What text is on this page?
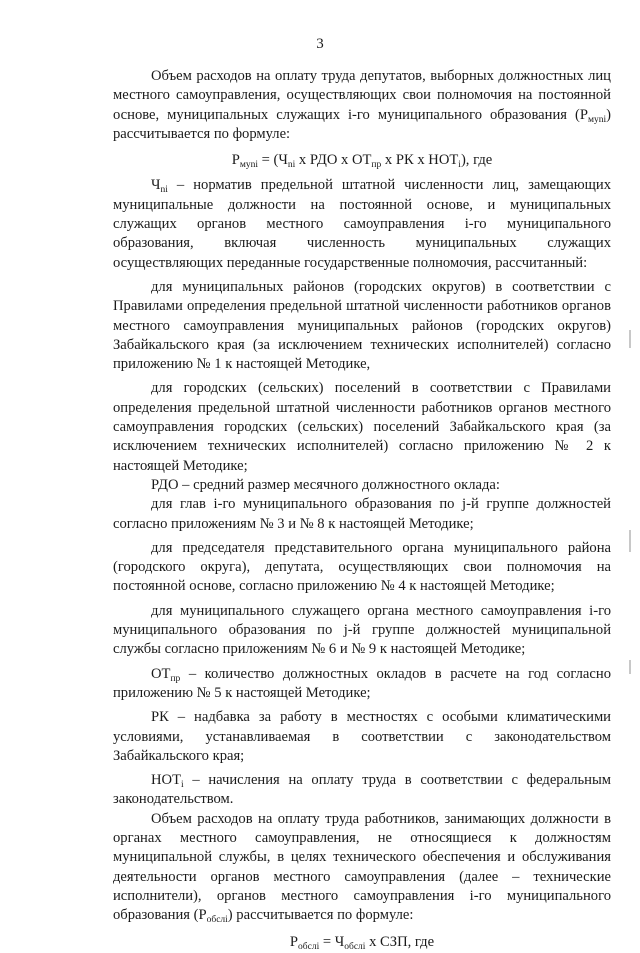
3

Объем расходов на оплату труда депутатов, выборных должностных лиц местного самоуправления, осуществляющих свои полномочия на постоянной основе, муниципальных служащих i-го муниципального образования $(Р_{муni})$ рассчитывается по формуле:

$Р_{муni} = (Ч_{ni}$ х РДО х $ОТ_{пр}$ х РК х $НОТ_i$), где

$Ч_{ni}$ – норматив предельной штатной численности лиц, замещающих муниципальные должности на постоянной основе, и муниципальных служащих органов местного самоуправления i-го муниципального образования, включая численность муниципальных служащих осуществляющих переданные государственные полномочия, рассчитанный:

для муниципальных районов (городских округов) в соответствии с Правилами определения предельной штатной численности работников органов местного самоуправления муниципальных районов (городских округов) Забайкальского края (за исключением технических исполнителей) согласно приложению № 1 к настоящей Методике,

для городских (сельских) поселений в соответствии с Правилами определения предельной штатной численности работников органов местного самоуправления городских (сельских) поселений Забайкальского края (за исключением технических исполнителей) согласно приложению № 2 к настоящей Методике;

РДО – средний размер месячного должностного оклада:

для глав i-го муниципального образования по j-й группе должностей согласно приложениям № 3 и № 8 к настоящей Методике;

для председателя представительного органа муниципального района (городского округа), депутата, осуществляющих свои полномочия на постоянной основе, согласно приложению № 4 к настоящей Методике;

для муниципального служащего органа местного самоуправления i-го муниципального образования по j-й группе должностей муниципальной службы согласно приложениям № 6 и № 9 к настоящей Методике;

$ОТ_{пр}$ – количество должностных окладов в расчете на год согласно приложению № 5 к настоящей Методике;

РК – надбавка за работу в местностях с особыми климатическими условиями, устанавливаемая в соответствии с законодательством Забайкальского края;

$НОТ_i$ – начисления на оплату труда в соответствии с федеральным законодательством.

Объем расходов на оплату труда работников, занимающих должности в органах местного самоуправления, не относящиеся к должностям муниципальной службы, в целях технического обеспечения и обслуживания деятельности органов местного самоуправления (далее – технические исполнители), органов местного самоуправления i-го муниципального образования $(Р_{обслi})$ рассчитывается по формуле:

$Р_{обслi} = Ч_{обслi}$ х СЗП, где
